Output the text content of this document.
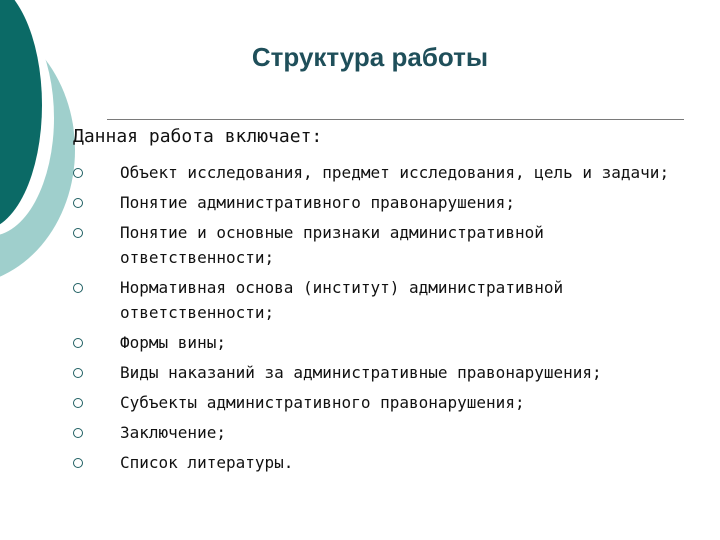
Структура работы
Данная работа включает:
Объект исследования, предмет исследования, цель и задачи;
Понятие административного правонарушения;
Понятие и основные признаки административной ответственности;
Нормативная основа (институт) административной ответственности;
Формы вины;
Виды наказаний за административные правонарушения;
Субъекты административного правонарушения;
Заключение;
Список литературы.
